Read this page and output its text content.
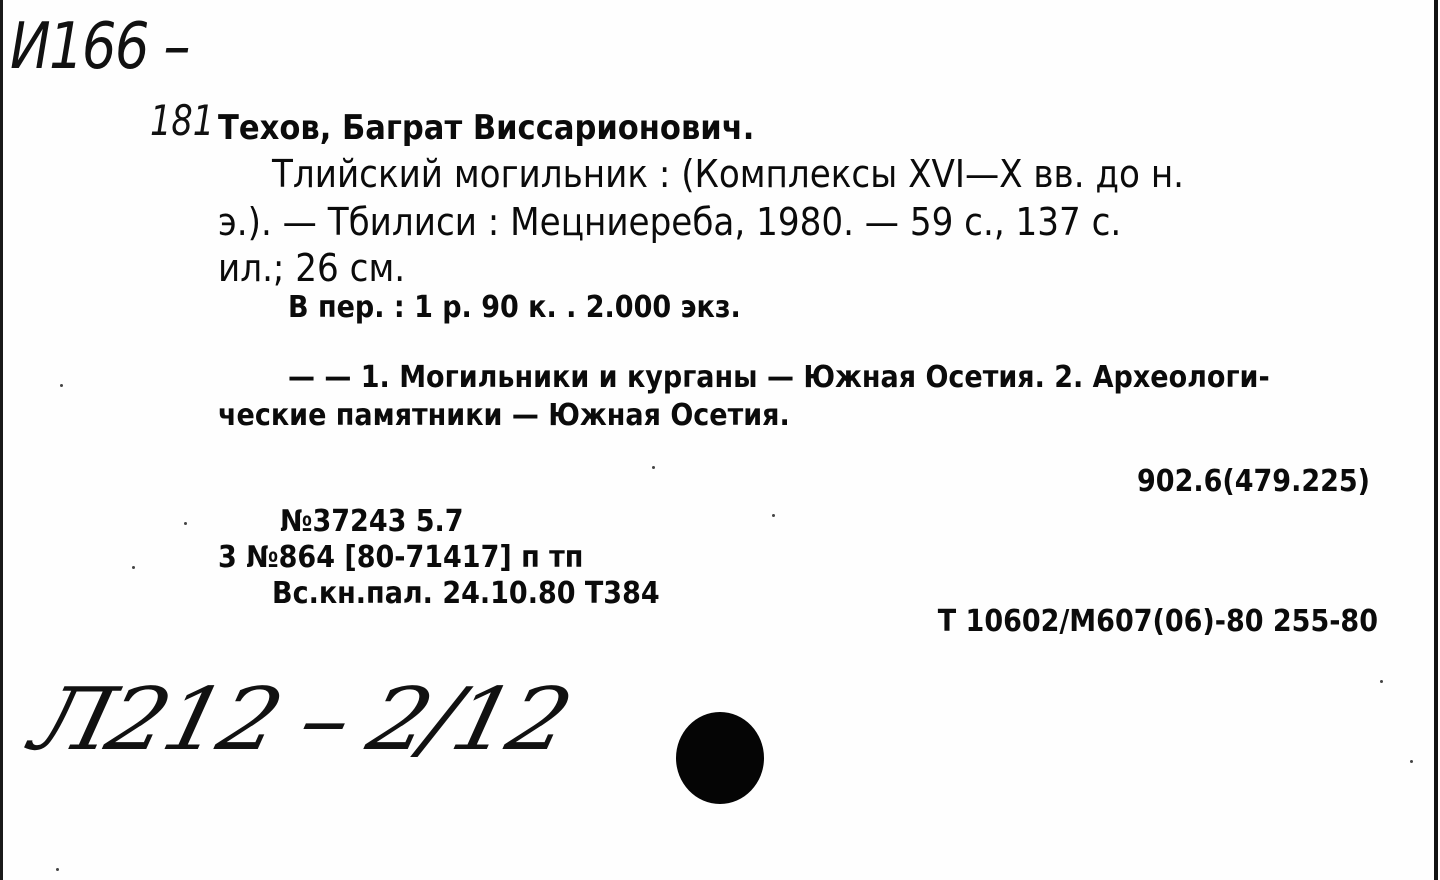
И166 –
181 Техов, Баграт Виссарионович.
Тлийский могильник : (Комплексы XVI—X вв. до н.
э.). — Тбилиси : Мецниереба, 1980. — 59 с., 137 с.
ил.; 26 см.
В пер. : 1 р. 90 к. . 2.000 экз.
— — 1. Могильники и курганы — Южная Осетия. 2. Археологи-
ческие памятники — Южная Осетия.
902.6(479.225)
№37243 5.7
3 №864 [80-71417] п тп
Вс.кн.пал. 24.10.80 Т384
Т 10602/М607(06)-80 255-80
Л212 – 2/12
